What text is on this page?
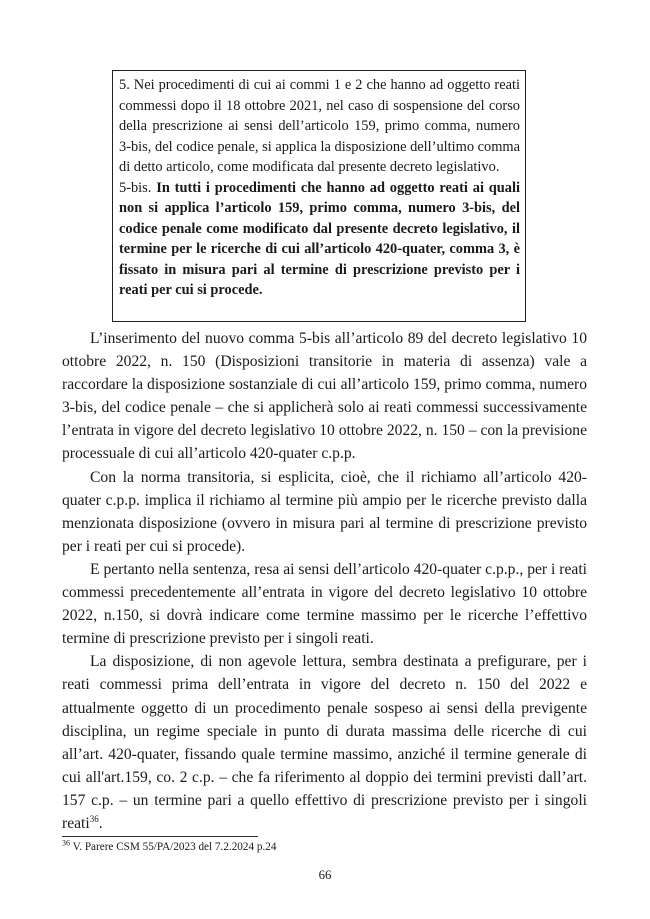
5. Nei procedimenti di cui ai commi 1 e 2 che hanno ad oggetto reati commessi dopo il 18 ottobre 2021, nel caso di sospensione del corso della prescrizione ai sensi dell’articolo 159, primo comma, numero 3-bis, del codice penale, si applica la disposizione dell’ultimo comma di detto articolo, come modificata dal presente decreto legislativo.

5-bis. In tutti i procedimenti che hanno ad oggetto reati ai quali non si applica l’articolo 159, primo comma, numero 3-bis, del codice penale come modificato dal presente decreto legislativo, il termine per le ricerche di cui all’articolo 420-quater, comma 3, è fissato in misura pari al termine di prescrizione previsto per i reati per cui si procede.

L’inserimento del nuovo comma 5-bis all’articolo 89 del decreto legislativo 10 ottobre 2022, n. 150 (Disposizioni transitorie in materia di assenza) vale a raccordare la disposizione sostanziale di cui all’articolo 159, primo comma, numero 3-bis, del codice penale – che si applicherà solo ai reati commessi successivamente l’entrata in vigore del decreto legislativo 10 ottobre 2022, n. 150 – con la previsione processuale di cui all’articolo 420-quater c.p.p.

Con la norma transitoria, si esplicita, cioè, che il richiamo all’articolo 420-quater c.p.p. implica il richiamo al termine più ampio per le ricerche previsto dalla menzionata disposizione (ovvero in misura pari al termine di prescrizione previsto per i reati per cui si procede).

E pertanto nella sentenza, resa ai sensi dell’articolo 420-quater c.p.p., per i reati commessi precedentemente all’entrata in vigore del decreto legislativo 10 ottobre 2022, n.150, si dovrà indicare come termine massimo per le ricerche l’effettivo termine di prescrizione previsto per i singoli reati.

La disposizione, di non agevole lettura, sembra destinata a prefigurare, per i reati commessi prima dell’entrata in vigore del decreto n. 150 del 2022 e attualmente oggetto di un procedimento penale sospeso ai sensi della previgente disciplina, un regime speciale in punto di durata massima delle ricerche di cui all’art. 420-quater, fissando quale termine massimo, anziché il termine generale di cui all'art.159, co. 2 c.p. – che fa riferimento al doppio dei termini previsti dall’art. 157 c.p. – un termine pari a quello effettivo di prescrizione previsto per i singoli reati$^{36}$.

$^{36}$ V. Parere CSM 55/PA/2023 del 7.2.2024 p.24
66
